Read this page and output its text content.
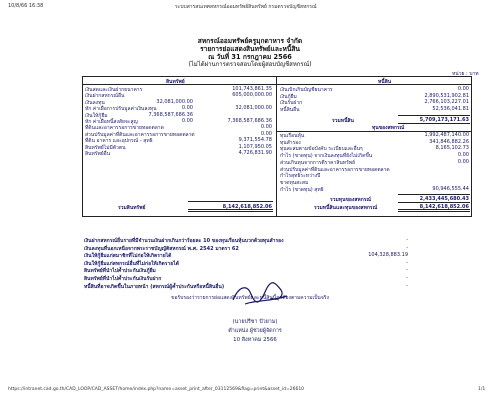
10/8/66 16:38	ระบบสารสนเทศสหกรณ์ออมทรัพย์สินทรัพย์ กรมตรวจบัญชีสหกรณ์
สหกรณ์ออมทรัพย์ครูมุกดาหาร จำกัด
รายการย่อแสดงสินทรัพย์และหนี้สิน
ณ วันที่ 31 กรกฎาคม 2566
(ไม่ได้ผ่านการตรวจสอบโดยผู้สอบบัญชีสหกรณ์)
หน่วย : บาท
สินทรัพย์
เงินสดและเงินฝากธนาคาร	101,743,861.35
เงินฝากสหกรณ์อื่น	605,000,000.00
เงินลงทุน	32,081,000.00
หัก ค่าเผื่อการปรับมูลค่าเงินลงทุน	0.00	32,081,000.00
เงินให้กู้ยืม	7,368,587,686.36
หัก ค่าเผื่อหนี้สงสัยจะสูญ	0.00	7,368,587,686.36
ที่ดินและอาคารรอการขายทอดตลาด	0.00
ส่วนปรับมูลค่าที่ดินและอาคารรอการขายทอดตลาด	0.00
ที่ดิน อาคาร และอุปกรณ์ - สุทธิ	9,371,554.78
สินทรัพย์ไม่มีตัวตน	1,107,950.05
สินทรัพย์อื่น	4,726,831.90
รวมสินทรัพย์	8,142,618,852.06
หนี้สิน
เงินเบิกเกินบัญชีธนาคาร	0.00
เงินกู้ยืม	2,890,531,902.81
เงินรับฝาก	2,766,103,227.01
หนี้สินอื่น	52,536,041.81
รวมหนี้สิน	5,709,173,171.63
ทุนของสหกรณ์
ทุนเรือนหุ้น	1,992,487,140.00
ทุนสำรอง	341,846,882.26
ทุนสะสมตามข้อบังคับ ระเบียบและอื่นๆ	8,165,102.73
กำไร (ขาดทุน) จากเงินลงทุนที่ยังไม่เกิดขึ้น	0.00
ส่วนเกินทุนจากการตีราคาสินทรัพย์	0.00
ส่วนปรับมูลค่าที่ดินและอาคารรอการขายทอดตลาด
กำไรสุทธิระหว่างปี
ขาดทุนสะสม
กำไร (ขาดทุน) สุทธิ	90,946,555.44
รวมทุนของสหกรณ์	2,433,445,680.43
รวมหนี้สินและทุนของสหกรณ์	8,142,618,852.06
เงินฝากสหกรณ์อื่นรายที่มีจำนวนเงินฝากเกินกว่าร้อยละ 10 ของทุนเรือนหุ้นบวกด้วยทุนสำรอง	-
เงินลงทุนที่นอกเหนือจากพระราชบัญญัติสหกรณ์ พ.ศ. 2542 มาตรา 62	-
เงินให้กู้ยืมแก่สมาชิกที่ไม่ก่อให้เกิดรายได้	104,328,883.19
เงินให้กู้ยืมแก่สหกรณ์อื่นที่ไม่ก่อให้เกิดรายได้	-
สินทรัพย์ที่นำไปค้ำประกันเงินกู้ยืม	-
สินทรัพย์ที่นำไปค้ำประกันเงินรับฝาก	-
หนี้สินที่อาจเกิดขึ้นในภายหน้า (สหกรณ์ผู้ค้ำประกันหรือหนี้สินอื่น)	-
ขอรับรองว่ารายการย่อแสดงสินทรัพย์และหนี้สินนี้ถูกต้องตามความเป็นจริง
(นายปรีชา ปัวยาม)
ตำแหน่ง ผู้ช่วยผู้จัดการ
10 สิงหาคม 2566
https://intranet.cad.go.th/CAD_LOOP/CAD_ASSET/home/index.php?name=asset_print_after_03112569&flag=print&asset_id=26610	1/1
